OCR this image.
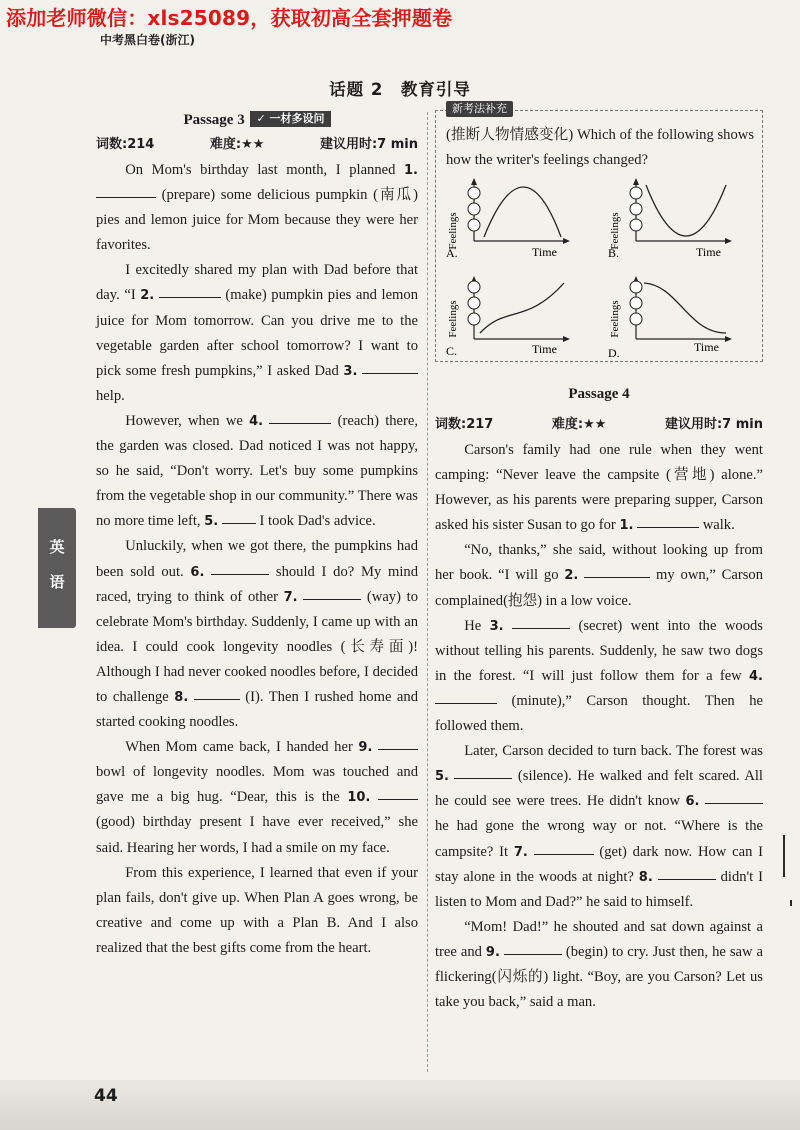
添加老师微信：xls25089，获取初高全套押题卷
中考黑白卷(浙江)
话题 2　教育引导
英
语
Passage 3 ✓ 一材多设问
词数:214	难度:★★	建议用时:7 min

On Mom's birthday last month, I planned 1.  (prepare) some delicious pumpkin (南瓜) pies and lemon juice for Mom because they were her favorites.

I excitedly shared my plan with Dad before that day. “I 2.	(make) pumpkin pies and lemon juice for Mom tomorrow. Can you drive me to the vegetable garden after school tomorrow? I want to pick some fresh pumpkins,” I asked Dad 3.  help.

However, when we 4.	(reach) there, the garden was closed. Dad noticed I was not happy, so he said, “Don't worry. Let's buy some pumpkins from the vegetable shop in our community.” There was no more time left, 5.	I took Dad's advice.

Unluckily, when we got there, the pumpkins had been sold out. 6.	should I do? My mind raced, trying to think of other 7.	(way) to celebrate Mom's birthday. Suddenly, I came up with an idea. I could cook longevity noodles (长寿面)! Although I had never cooked noodles before, I decided to challenge 8.	(I). Then I rushed home and started cooking noodles.

When Mom came back, I handed her 9.  bowl of longevity noodles. Mom was touched and gave me a big hug. “Dear, this is the 10.  (good) birthday present I have ever received,” she said. Hearing her words, I had a smile on my face.

From this experience, I learned that even if your plan fails, don't give up. When Plan A goes wrong, be creative and come up with a Plan B. And I also realized that the best gifts come from the heart.

新考法补充
(推断人物情感变化) Which of the following shows how the writer's feelings changed?
Feelings
A.	Time
Feelings
B.	Time
Feelings
C.	Time
Feelings
D.	Time
Passage 4
词数:217	难度:★★	建议用时:7 min

Carson's family had one rule when they went camping: “Never leave the campsite (营地) alone.” However, as his parents were preparing supper, Carson asked his sister Susan to go for 1.	walk.

“No, thanks,” she said, without looking up from her book. “I will go 2.	my own,” Carson complained(抱怨) in a low voice.

He 3.	(secret) went into the woods without telling his parents. Suddenly, he saw two dogs in the forest. “I will just follow them for a few 4.  (minute),” Carson thought. Then he followed them.

Later, Carson decided to turn back. The forest was 5.	(silence). He walked and felt scared. All he could see were trees. He didn't know 6.  he had gone the wrong way or not. “Where is the campsite? It 7.	(get) dark now. How can I stay alone in the woods at night? 8.	didn't I listen to Mom and Dad?” he said to himself.

“Mom! Dad!” he shouted and sat down against a tree and 9.	(begin) to cry. Just then, he saw a flickering(闪烁的) light. “Boy, are you Carson? Let us take you back,” said a man.

44
